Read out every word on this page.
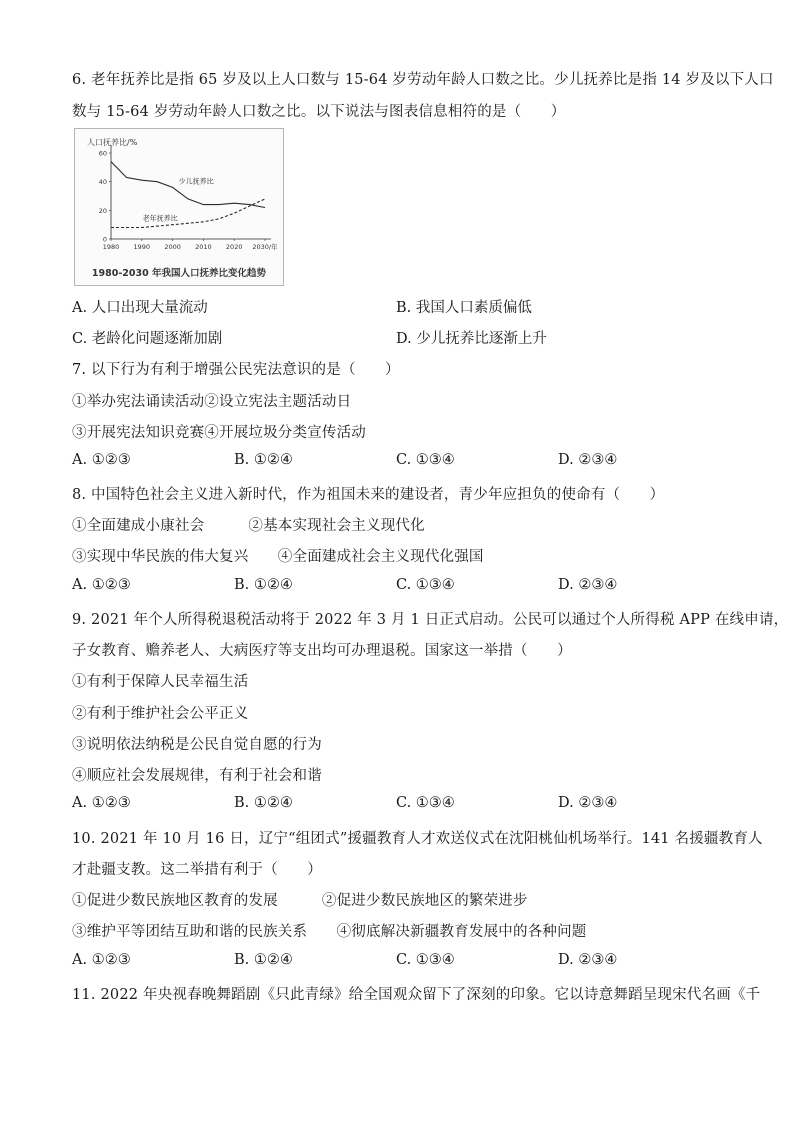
6. 老年抚养比是指 65 岁及以上人口数与 15-64 岁劳动年龄人口数之比。少儿抚养比是指 14 岁及以下人口
数与 15-64 岁劳动年龄人口数之比。以下说法与图表信息相符的是（　　）
人口抚养比/%
60
40
20
0
1980 1990 2000 2010 2020 2030/年
少儿抚养比
老年抚养比
1980-2030 年我国人口抚养比变化趋势
A. 人口出现大量流动	B. 我国人口素质偏低
C. 老龄化问题逐渐加剧	D. 少儿抚养比逐渐上升
7. 以下行为有利于增强公民宪法意识的是（　　）
①举办宪法诵读活动②设立宪法主题活动日
③开展宪法知识竞赛④开展垃圾分类宣传活动
A. ①②③	B. ①②④	C. ①③④	D. ②③④
8. 中国特色社会主义进入新时代，作为祖国未来的建设者，青少年应担负的使命有（　　）
①全面建成小康社会　　　②基本实现社会主义现代化
③实现中华民族的伟大复兴　　④全面建成社会主义现代化强国
A. ①②③	B. ①②④	C. ①③④	D. ②③④
9. 2021 年个人所得税退税活动将于 2022 年 3 月 1 日正式启动。公民可以通过个人所得税 APP 在线申请，
子女教育、赡养老人、大病医疗等支出均可办理退税。国家这一举措（　　）
①有利于保障人民幸福生活
②有利于维护社会公平正义
③说明依法纳税是公民自觉自愿的行为
④顺应社会发展规律，有利于社会和谐
A. ①②③	B. ①②④	C. ①③④	D. ②③④
10. 2021 年 10 月 16 日，辽宁“组团式”援疆教育人才欢送仪式在沈阳桃仙机场举行。141 名援疆教育人
才赴疆支教。这二举措有利于（　　）
①促进少数民族地区教育的发展　　　②促进少数民族地区的繁荣进步
③维护平等团结互助和谐的民族关系　　④彻底解决新疆教育发展中的各种问题
A. ①②③	B. ①②④	C. ①③④	D. ②③④
11. 2022 年央视春晚舞蹈剧《只此青绿》给全国观众留下了深刻的印象。它以诗意舞蹈呈现宋代名画《千
